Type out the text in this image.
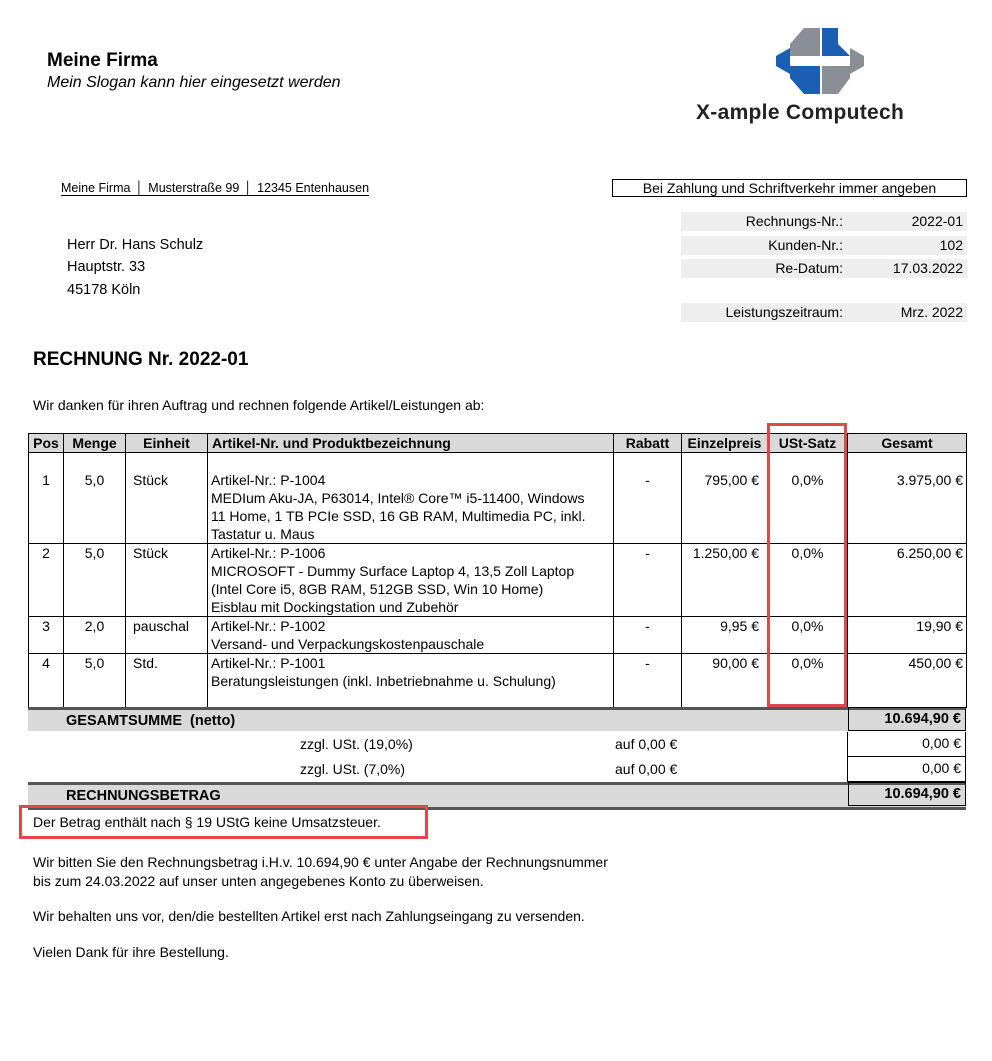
Meine Firma
Mein Slogan kann hier eingesetzt werden
X-ample Computech
Meine Firma │ Musterstraße 99 │ 12345 Entenhausen	Bei Zahlung und Schriftverkehr immer angeben
Rechnungs-Nr.:	2022-01
Kunden-Nr.:	102
Re-Datum:	17.03.2022
Leistungszeitraum:	Mrz. 2022
Herr Dr. Hans Schulz
Hauptstr. 33
45178 Köln
RECHNUNG Nr. 2022-01
Wir danken für ihren Auftrag und rechnen folgende Artikel/Leistungen ab:
Pos	Menge	Einheit	Artikel-Nr. und Produktbezeichnung	Rabatt	Einzelpreis	USt-Satz	Gesamt
1	5,0	Stück	Artikel-Nr.: P-1004
MEDIum Aku-JA, P63014, Intel® Core™ i5-11400, Windows
11 Home, 1 TB PCIe SSD, 16 GB RAM, Multimedia PC, inkl.
Tastatur u. Maus	-	795,00 €	0,0%	3.975,00 €
2	5,0	Stück	Artikel-Nr.: P-1006
MICROSOFT - Dummy Surface Laptop 4, 13,5 Zoll Laptop
(Intel Core i5, 8GB RAM, 512GB SSD, Win 10 Home)
Eisblau mit Dockingstation und Zubehör	-	1.250,00 €	0,0%	6.250,00 €
3	2,0	pauschal	Artikel-Nr.: P-1002
Versand- und Verpackungskostenpauschale	-	9,95 €	0,0%	19,90 €
4	5,0	Std.	Artikel-Nr.: P-1001
Beratungsleistungen (inkl. Inbetriebnahme u. Schulung)	-	90,00 €	0,0%	450,00 €
GESAMTSUMME  (netto)	10.694,90 €
zzgl. USt. (19,0%)	auf 0,00 €	0,00 €
zzgl. USt. (7,0%)	auf 0,00 €	0,00 €
RECHNUNGSBETRAG	10.694,90 €
Der Betrag enthält nach § 19 UStG keine Umsatzsteuer.
Wir bitten Sie den Rechnungsbetrag i.H.v. 10.694,90 € unter Angabe der Rechnungsnummer
bis zum 24.03.2022 auf unser unten angegebenes Konto zu überweisen.
Wir behalten uns vor, den/die bestellten Artikel erst nach Zahlungseingang zu versenden.
Vielen Dank für ihre Bestellung.
